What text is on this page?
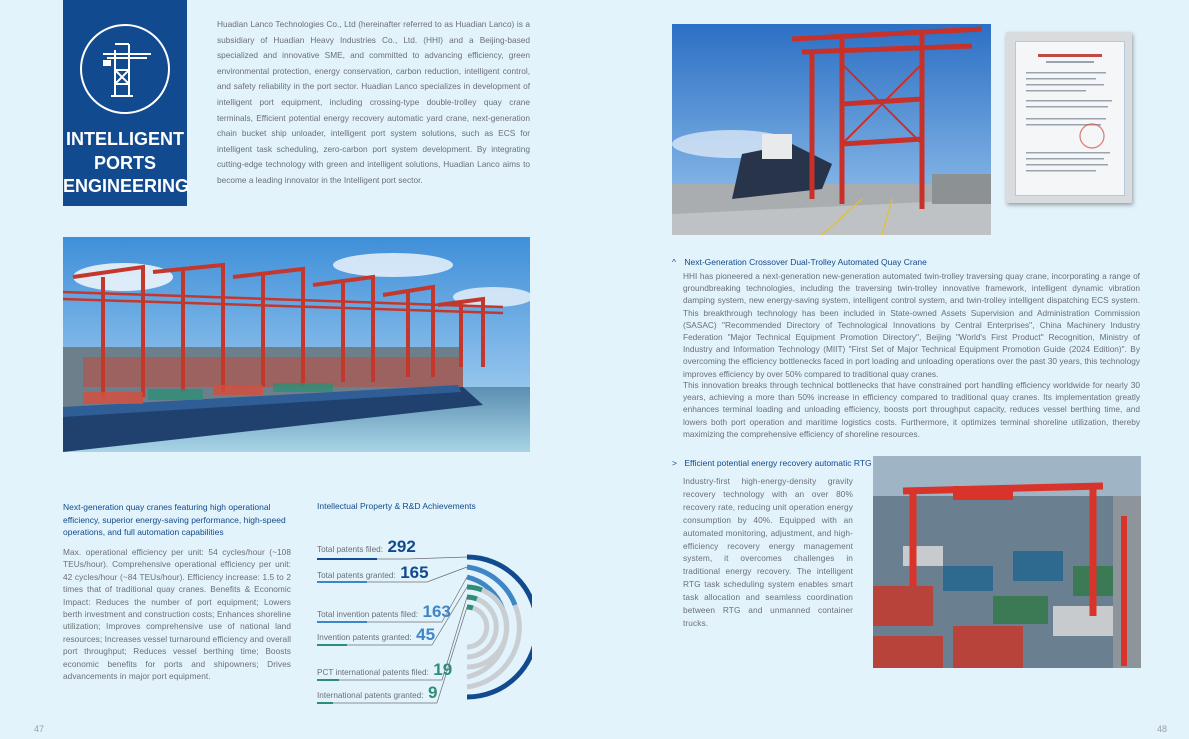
INTELLIGENT
PORTS
ENGINEERING
Huadian Lanco Technologies Co., Ltd (hereinafter referred to as Huadian Lanco) is a subsidiary of Huadian Heavy Industries Co., Ltd. (HHI) and a Beijing-based specialized and innovative SME, and committed to advancing efficiency, green environmental protection, energy conservation, carbon reduction, intelligent control, and safety reliability in the port sector. Huadian Lanco specializes in development of intelligent port equipment, including crossing-type double-trolley quay crane terminals, Efficient potential energy recovery automatic yard crane, next-generation chain bucket ship unloader, intelligent port system solutions, such as ECS for intelligent task scheduling, zero-carbon port system development. By integrating cutting-edge technology with green and intelligent solutions, Huadian Lanco aims to become a leading innovator in the Intelligent port sector.
Next-generation quay cranes featuring high operational efficiency, superior energy-saving performance, high-speed operations, and full automation capabilities
Max. operational efficiency per unit: 54 cycles/hour (~108 TEUs/hour). Comprehensive operational efficiency per unit: 42 cycles/hour (~84 TEUs/hour). Efficiency increase: 1.5 to 2 times that of traditional quay cranes. Benefits & Economic Impact: Reduces the number of port equipment; Lowers berth investment and construction costs; Enhances shoreline utilization; Improves comprehensive use of national land resources; Increases vessel turnaround efficiency and overall port throughput; Reduces vessel berthing time; Boosts economic benefits for ports and shipowners; Drives advancements in major port equipment.
Intellectual Property & R&D Achievements
Total patents filed: 292
Total patents granted: 165
Total invention patents filed: 163
Invention patents granted: 45
PCT international patents filed: 19
International patents granted: 9
47
^ Next-Generation Crossover Dual-Trolley Automated Quay Crane
HHI has pioneered a next-generation new-generation automated twin-trolley traversing quay crane, incorporating a range of groundbreaking technologies, including the traversing twin-trolley innovative framework, intelligent dynamic vibration damping system, new energy-saving system, intelligent control system, and twin-trolley intelligent dispatching ECS system. This breakthrough technology has been included in State-owned Assets Supervision and Administration Commission (SASAC) "Recommended Directory of Technological Innovations by Central Enterprises", China Machinery Industry Federation "Major Technical Equipment Promotion Directory", Beijing "World's First Product" Recognition, Ministry of Industry and Information Technology (MIIT) "First Set of Major Technical Equipment Promotion Guide (2024 Edition)". By overcoming the efficiency bottlenecks faced in port loading and unloading operations over the past 30 years, this technology improves efficiency by over 50% compared to traditional quay cranes.
This innovation breaks through technical bottlenecks that have constrained port handling efficiency worldwide for nearly 30 years, achieving a more than 50% increase in efficiency compared to traditional quay cranes. Its implementation greatly enhances terminal loading and unloading efficiency, boosts port throughput capacity, reduces vessel berthing time, and lowers both port operation and maritime logistics costs. Furthermore, it optimizes terminal shoreline utilization, thereby maximizing the comprehensive efficiency of shoreline resources.
> Efficient potential energy recovery automatic RTG
Industry-first high-energy-density gravity recovery technology with an over 80% recovery rate, reducing unit operation energy consumption by 40%. Equipped with an automated monitoring, adjustment, and high-efficiency recovery energy management system, it overcomes challenges in traditional energy recovery. The intelligent RTG task scheduling system enables smart task allocation and seamless coordination between RTG and unmanned container trucks.
48
